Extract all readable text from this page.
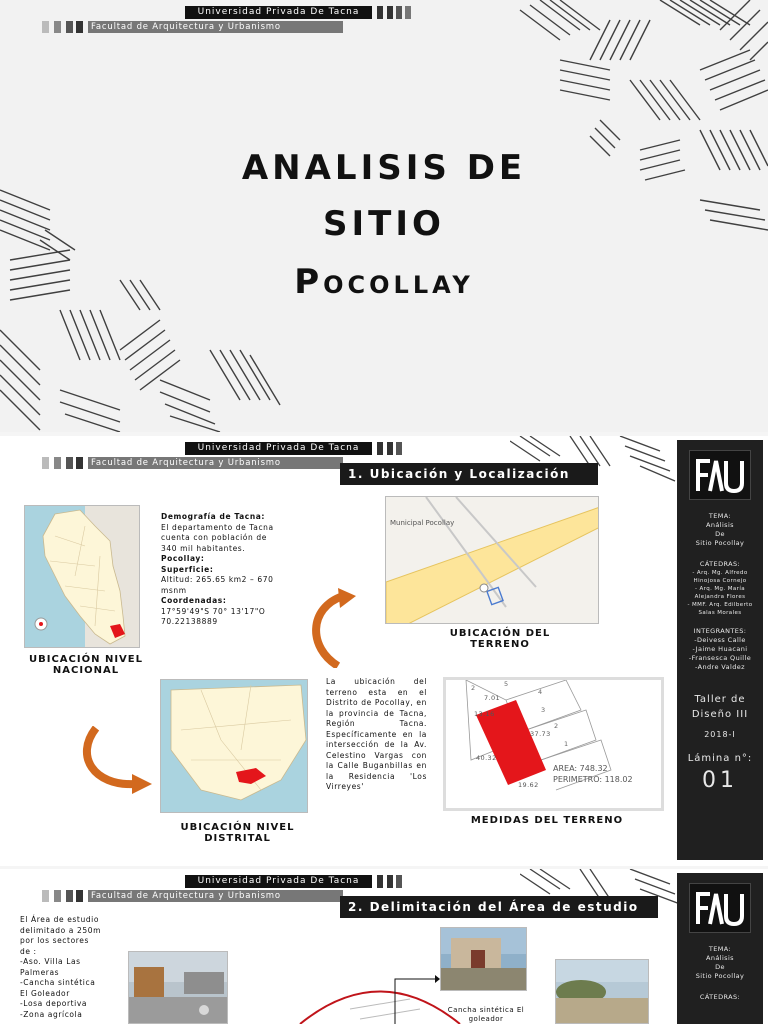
Universidad Privada De Tacna
Facultad de Arquitectura y Urbanismo
ANALISIS DE
SITIO
Pocollay
Universidad Privada De Tacna
Facultad de Arquitectura y Urbanismo
1. Ubicación y Localización
UBICACIÓN NIVEL NACIONAL
Demografía de Tacna:
El departamento de Tacna
cuenta con población de
340 mil habitantes.
Pocollay:
Superficie:
Altitud: 265.65 km2 – 670
msnm
Coordenadas:
17°59'49"S 70° 13'17"O
70.22138889
Municipal Pocollay
UBICACIÓN DEL TERRENO
UBICACIÓN NIVEL DISTRITAL
La ubicación del terreno esta en el Distrito de Pocollay, en la provincia de Tacna, Región Tacna. Específicamente en la intersección de la Av. Celestino Vargas con la Calle Buganbillas en la Residencia 'Los Virreyes'
7.01
13.16
37.73
40.32
19.62
2
3
4
5
2
1
AREA: 748.32
PERIMETRO: 118.02
MEDIDAS DEL TERRENO
TEMA:
Análisis
De
Sitio Pocollay
CÁTEDRAS:
- Arq. Mg. Alfredo
Hinojosa Cornejo
- Arq. Mg. María
Alejandra Flores
- MMF. Arq. Edilberto
Salas Morales
INTEGRANTES:
-Deivess Calle
-Jaime Huacani
-Fransesca Quille
-Andre Valdez
Taller de
Diseño III
2018-I
Lámina n°:
01
Universidad Privada De Tacna
Facultad de Arquitectura y Urbanismo
2. Delimitación del Área de estudio
El Área de estudio
delimitado a 250m
por los sectores
de :
-Aso. Villa Las
Palmeras
-Cancha sintética
El Goleador
-Losa deportiva
-Zona agrícola	Cancha sintética El goleador
TEMA:
Análisis
De
Sitio Pocollay
CÁTEDRAS:
